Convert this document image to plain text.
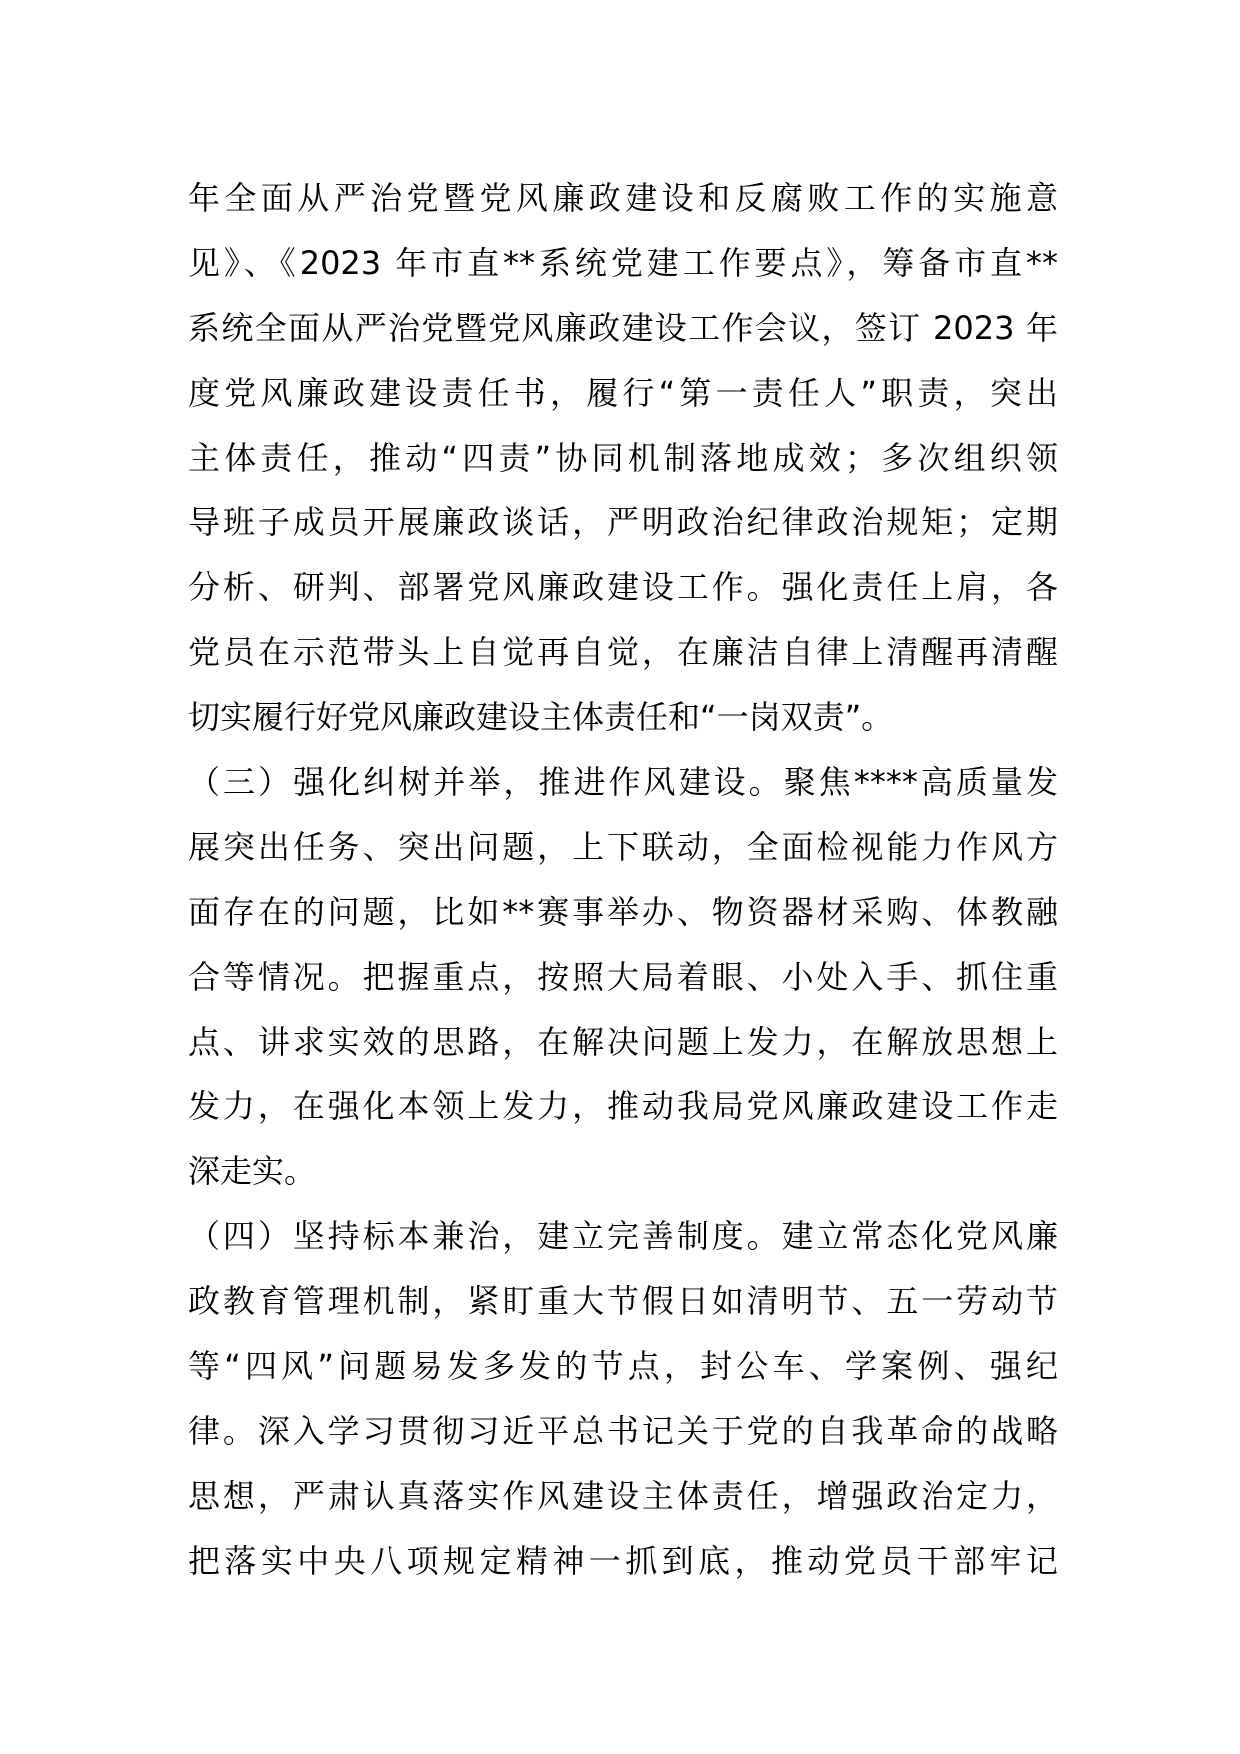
年全面从严治党暨党风廉政建设和反腐败工作的实施意
见》、《2023 年市直**系统党建工作要点》，筹备市直**
系统全面从严治党暨党风廉政建设工作会议，签订 2023 年
度党风廉政建设责任书，履行“第一责任人”职责，突出
主体责任，推动“四责”协同机制落地成效；多次组织领
导班子成员开展廉政谈话，严明政治纪律政治规矩；定期
分析、研判、部署党风廉政建设工作。强化责任上肩，各
党员在示范带头上自觉再自觉，在廉洁自律上清醒再清醒
切实履行好党风廉政建设主体责任和“一岗双责”。
（三）强化纠树并举，推进作风建设。聚焦****高质量发
展突出任务、突出问题，上下联动，全面检视能力作风方
面存在的问题，比如**赛事举办、物资器材采购、体教融
合等情况。把握重点，按照大局着眼、小处入手、抓住重
点、讲求实效的思路，在解决问题上发力，在解放思想上
发力，在强化本领上发力，推动我局党风廉政建设工作走
深走实。
（四）坚持标本兼治，建立完善制度。建立常态化党风廉
政教育管理机制，紧盯重大节假日如清明节、五一劳动节
等“四风”问题易发多发的节点，封公车、学案例、强纪
律。深入学习贯彻习近平总书记关于党的自我革命的战略
思想，严肃认真落实作风建设主体责任，增强政治定力，
把落实中央八项规定精神一抓到底，推动党员干部牢记
